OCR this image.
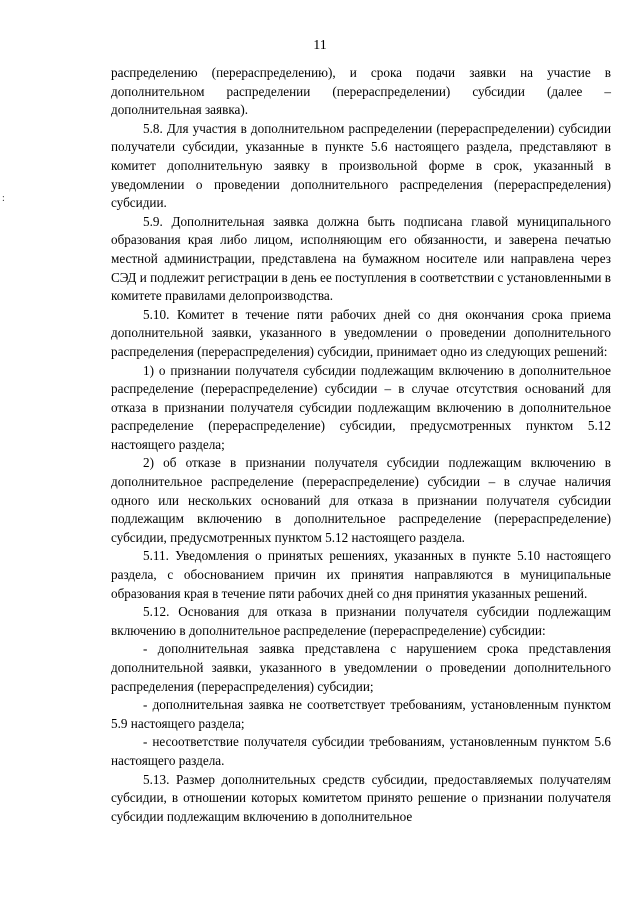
11
:

распределению (перераспределению), и срока подачи заявки на участие в дополнительном распределении (перераспределении) субсидии (далее – дополнительная заявка).

5.8. Для участия в дополнительном распределении (перераспределении) субсидии получатели субсидии, указанные в пункте 5.6 настоящего раздела, представляют в комитет дополнительную заявку в произвольной форме в срок, указанный в уведомлении о проведении дополнительного распределения (перераспределения) субсидии.

5.9. Дополнительная заявка должна быть подписана главой муниципального образования края либо лицом, исполняющим его обязанности, и заверена печатью местной администрации, представлена на бумажном носителе или направлена через СЭД и подлежит регистрации в день ее поступления в соответствии с установленными в комитете правилами делопроизводства.

5.10. Комитет в течение пяти рабочих дней со дня окончания срока приема дополнительной заявки, указанного в уведомлении о проведении дополнительного распределения (перераспределения) субсидии, принимает одно из следующих решений:

1) о признании получателя субсидии подлежащим включению в дополнительное распределение (перераспределение) субсидии – в случае отсутствия оснований для отказа в признании получателя субсидии подлежащим включению в дополнительное распределение (перераспределение) субсидии, предусмотренных пунктом 5.12 настоящего раздела;

2) об отказе в признании получателя субсидии подлежащим включению в дополнительное распределение (перераспределение) субсидии – в случае наличия одного или нескольких оснований для отказа в признании получателя субсидии подлежащим включению в дополнительное распределение (перераспределение) субсидии, предусмотренных пунктом 5.12 настоящего раздела.

5.11. Уведомления о принятых решениях, указанных в пункте 5.10 настоящего раздела, с обоснованием причин их принятия направляются в муниципальные образования края в течение пяти рабочих дней со дня принятия указанных решений.

5.12. Основания для отказа в признании получателя субсидии подлежащим включению в дополнительное распределение (перераспределение) субсидии:

- дополнительная заявка представлена с нарушением срока представления дополнительной заявки, указанного в уведомлении о проведении дополнительного распределения (перераспределения) субсидии;

- дополнительная заявка не соответствует требованиям, установленным пунктом 5.9 настоящего раздела;

- несоответствие получателя субсидии требованиям, установленным пунктом 5.6 настоящего раздела.

5.13. Размер дополнительных средств субсидии, предоставляемых получателям субсидии, в отношении которых комитетом принято решение о признании получателя субсидии подлежащим включению в дополнительное
